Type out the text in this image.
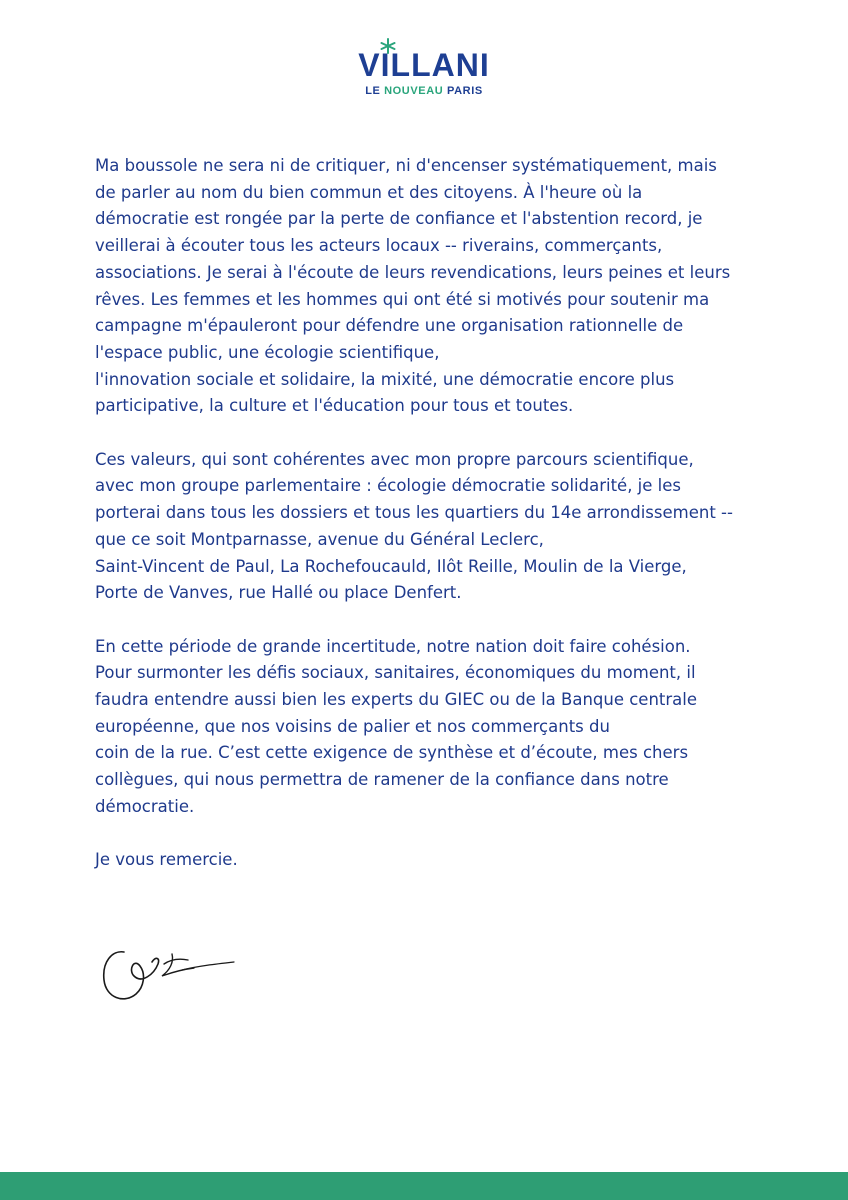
VILLANI
LE NOUVEAU PARIS
Ma boussole ne sera ni de critiquer, ni d'encenser systématiquement, mais
de parler au nom du bien commun et des citoyens. À l'heure où la
démocratie est rongée par la perte de confiance et l'abstention record, je
veillerai à écouter tous les acteurs locaux -- riverains, commerçants,
associations. Je serai à l'écoute de leurs revendications, leurs peines et leurs
rêves. Les femmes et les hommes qui ont été si motivés pour soutenir ma
campagne m'épauleront pour défendre une organisation rationnelle de
l'espace public, une écologie scientifique,
l'innovation sociale et solidaire, la mixité, une démocratie encore plus
participative, la culture et l'éducation pour tous et toutes.
Ces valeurs, qui sont cohérentes avec mon propre parcours scientifique,
avec mon groupe parlementaire : écologie démocratie solidarité, je les
porterai dans tous les dossiers et tous les quartiers du 14e arrondissement --
que ce soit Montparnasse, avenue du Général Leclerc,
Saint-Vincent de Paul, La Rochefoucauld, Ilôt Reille, Moulin de la Vierge,
Porte de Vanves, rue Hallé ou place Denfert.
En cette période de grande incertitude, notre nation doit faire cohésion.
Pour surmonter les défis sociaux, sanitaires, économiques du moment, il
faudra entendre aussi bien les experts du GIEC ou de la Banque centrale
européenne, que nos voisins de palier et nos commerçants du
coin de la rue. C’est cette exigence de synthèse et d’écoute, mes chers
collègues, qui nous permettra de ramener de la confiance dans notre
démocratie.
Je vous remercie.
